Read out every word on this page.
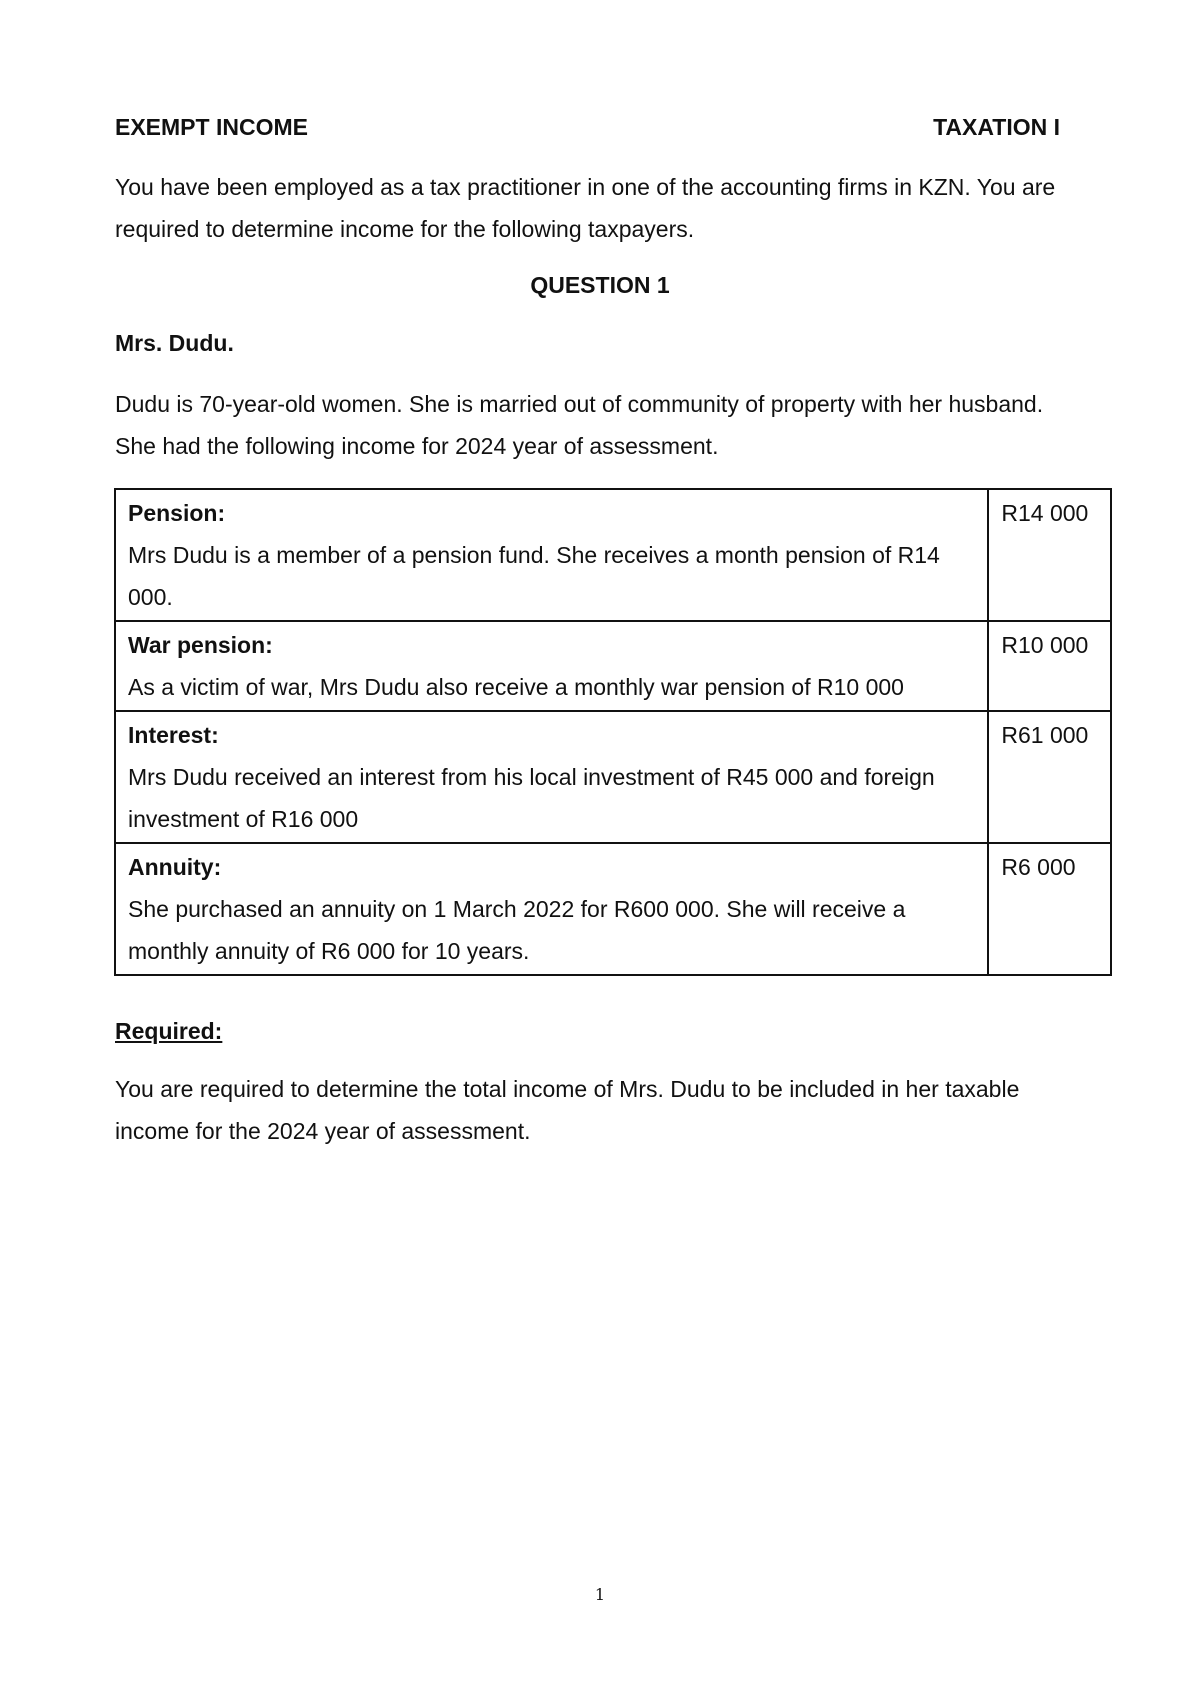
EXEMPT INCOME	TAXATION I
You have been employed as a tax practitioner in one of the accounting firms in KZN. You are required to determine income for the following taxpayers.
QUESTION 1
Mrs. Dudu.
Dudu is 70-year-old women. She is married out of community of property with her husband. She had the following income for 2024 year of assessment.
Pension:
Mrs Dudu is a member of a pension fund. She receives a month pension of R14 000.	R14 000

War pension:
As a victim of war, Mrs Dudu also receive a monthly war pension of R10 000	R10 000

Interest:
Mrs Dudu received an interest from his local investment of R45 000 and foreign investment of R16 000	R61 000

Annuity:
She purchased an annuity on 1 March 2022 for R600 000. She will receive a monthly annuity of R6 000 for 10 years.	R6 000
Required:
You are required to determine the total income of Mrs. Dudu to be included in her taxable income for the 2024 year of assessment.
1
